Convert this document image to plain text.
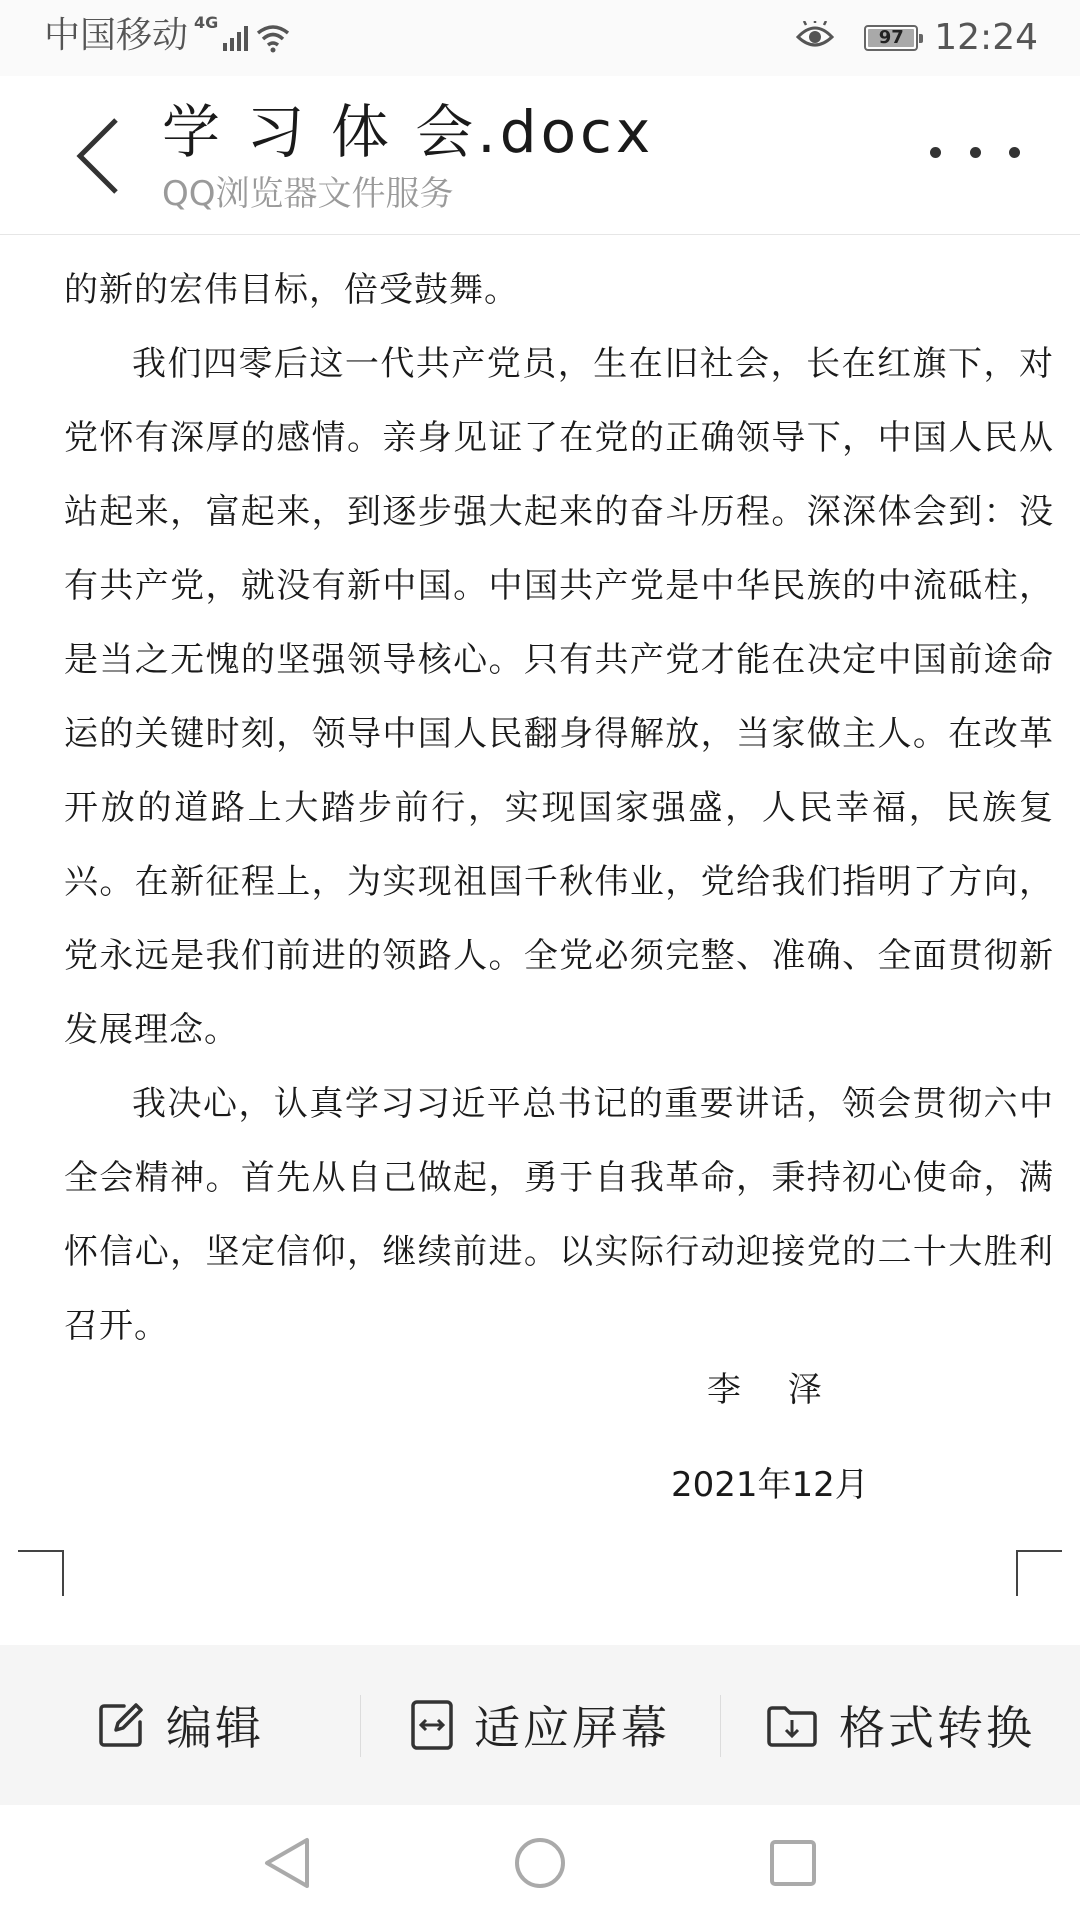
中国移动 4G
97 12:24
学 习 体 会.docx
QQ浏览器文件服务

的新的宏伟目标，倍受鼓舞。

我们四零后这一代共产党员，生在旧社会，长在红旗下，对党怀有深厚的感情。亲身见证了在党的正确领导下，中国人民从站起来，富起来，到逐步强大起来的奋斗历程。深深体会到：没有共产党，就没有新中国。中国共产党是中华民族的中流砥柱，是当之无愧的坚强领导核心。只有共产党才能在决定中国前途命运的关键时刻，领导中国人民翻身得解放，当家做主人。在改革开放的道路上大踏步前行，实现国家强盛，人民幸福，民族复兴。在新征程上，为实现祖国千秋伟业，党给我们指明了方向，党永远是我们前进的领路人。全党必须完整、准确、全面贯彻新发展理念。

我决心，认真学习习近平总书记的重要讲话，领会贯彻六中全会精神。首先从自己做起，勇于自我革命，秉持初心使命，满怀信心，坚定信仰，继续前进。以实际行动迎接党的二十大胜利召开。

李 泽
2021年12月
编辑	适应屏幕	格式转换
